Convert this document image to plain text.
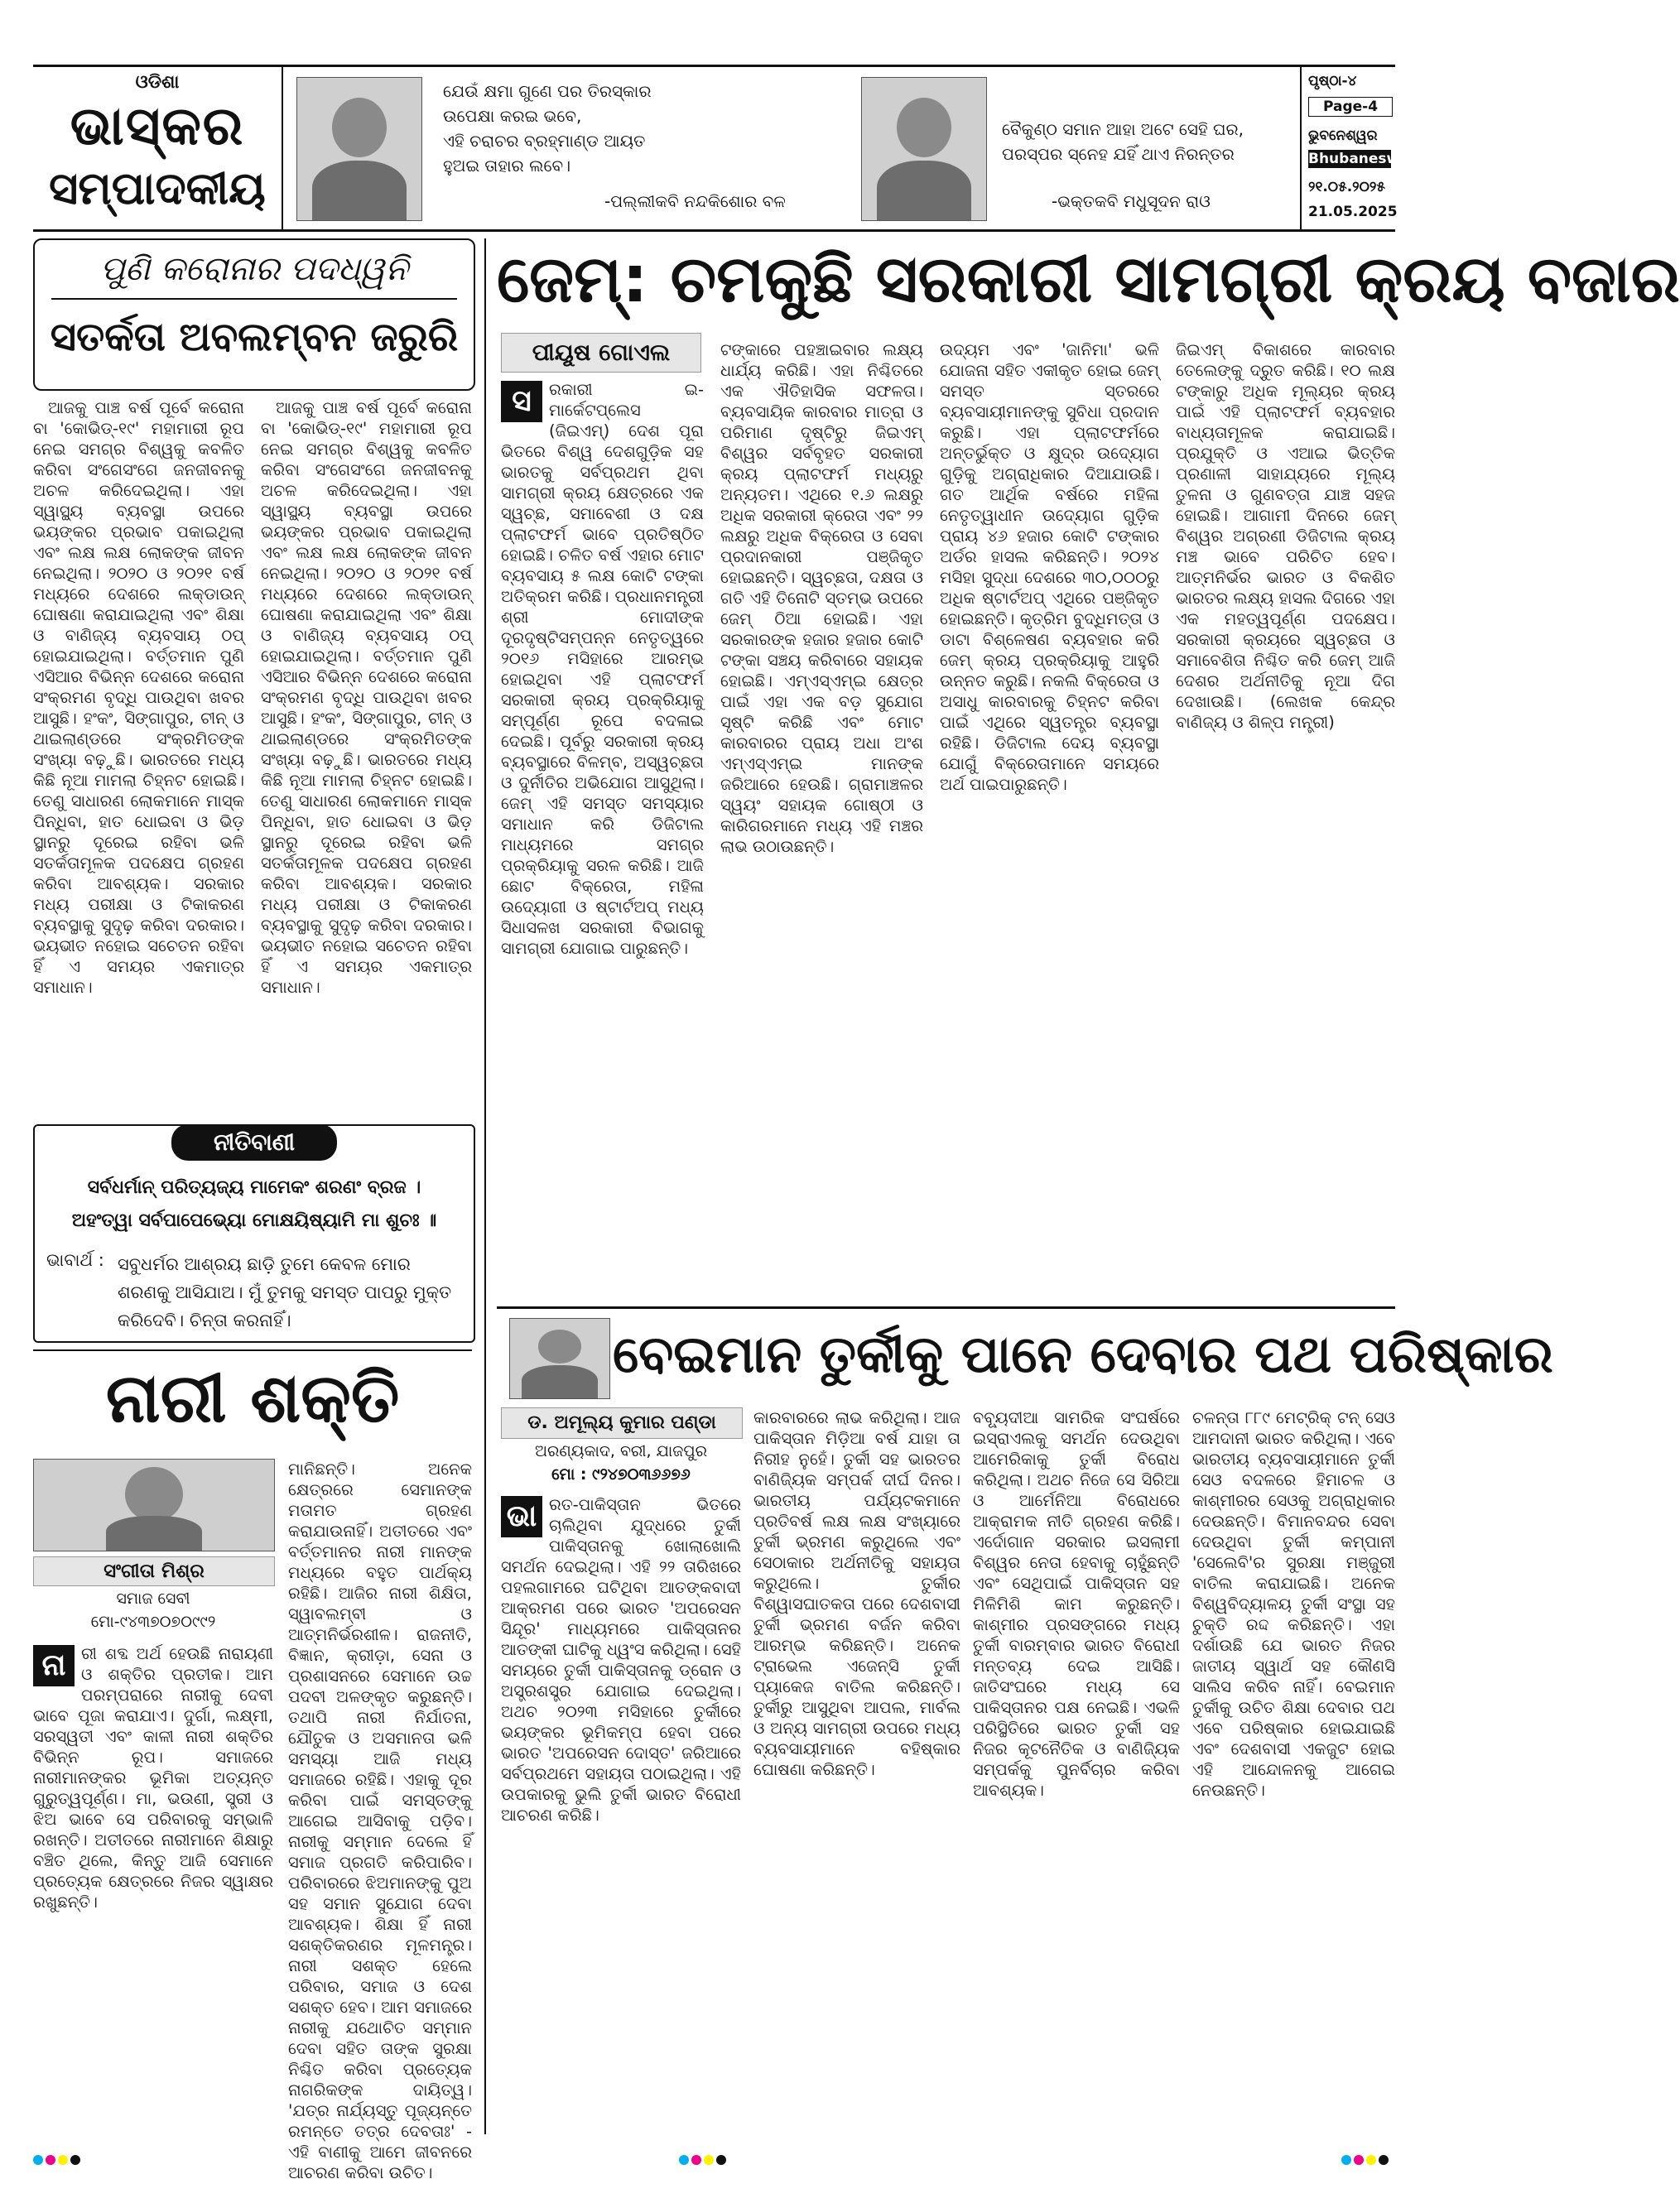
ଓଡିଶା
ଭାସ୍କର
ସମ୍ପାଦକୀୟ
ଯେଉଁ କ୍ଷମା ଗୁଣେ ପର ତିରସ୍କାର
ଉପେକ୍ଷା କରଇ ଭବେ,
ଏହି ଚରାଚର ବ୍ରହ୍ମାଣ୍ଡ ଆୟତ
ହୁଅଇ ତାହାର ଲବେ।
-ପଲ୍ଲୀକବି ନନ୍ଦକିଶୋର ବଳ
ବୈକୁଣ୍ଠ ସମାନ ଆହା ଅଟେ ସେହି ଘର,
ପରସ୍ପର ସ୍ନେହ ଯହିଁ ଥାଏ ନିରନ୍ତର
-ଭକ୍ତକବି ମଧୁସୂଦନ ରାଓ
ପୃଷ୍ଠା-୪
Page-4
ଭୁବନେଶ୍ୱର
Bhubaneswar
୨୧.୦୫.୨୦୨୫
21.05.2025
ପୁଣି କରୋନାର ପଦଧ୍ୱନି
ସତର୍କତା ଅବଲମ୍ବନ ଜରୁରି

ଆଜକୁ ପାଞ୍ଚ ବର୍ଷ ପୂର୍ବେ କରୋନା ବା 'କୋଭିଡ୍‌-୧୯' ମହାମାରୀ ରୂପ ନେଇ ସମଗ୍ର ବିଶ୍ୱକୁ କବଳିତ କରିବା ସଂଗେସଂଗେ ଜନଜୀବନକୁ ଅଚଳ କରିଦେଇଥିଲା। ଏହା ସ୍ୱାସ୍ଥ୍ୟ ବ୍ୟବସ୍ଥା ଉପରେ ଭୟଙ୍କର ପ୍ରଭାବ ପକାଇଥିଲା ଏବଂ ଲକ୍ଷ ଲକ୍ଷ ଲୋକଙ୍କ ଜୀବନ ନେଇଥିଲା। ୨୦୨୦ ଓ ୨୦୨୧ ବର୍ଷ ମଧ୍ୟରେ ଦେଶରେ ଲକ୍‌ଡାଉନ୍‌ ଘୋଷଣା କରାଯାଇଥିଲା ଏବଂ ଶିକ୍ଷା ଓ ବାଣିଜ୍ୟ ବ୍ୟବସାୟ ଠପ୍‌ ହୋଇଯାଇଥିଲା। ବର୍ତ୍ତମାନ ପୁଣି ଏସିଆର ବିଭିନ୍ନ ଦେଶରେ କରୋନା ସଂକ୍ରମଣ ବୃଦ୍ଧି ପାଉଥିବା ଖବର ଆସୁଛି। ହଂକଂ, ସିଙ୍ଗାପୁର, ଚୀନ୍‌ ଓ ଥାଇଲାଣ୍ଡରେ ସଂକ୍ରମିତଙ୍କ ସଂଖ୍ୟା ବଢ଼ୁଛି। ଭାରତରେ ମଧ୍ୟ କିଛି ନୂଆ ମାମଲା ଚିହ୍ନଟ ହୋଇଛି। ତେଣୁ ସାଧାରଣ ଲୋକମାନେ ମାସ୍କ ପିନ୍ଧିବା, ହାତ ଧୋଇବା ଓ ଭିଡ଼ ସ୍ଥାନରୁ ଦୂରେଇ ରହିବା ଭଳି ସତର୍କତାମୂଳକ ପଦକ୍ଷେପ ଗ୍ରହଣ କରିବା ଆବଶ୍ୟକ। ସରକାର ମଧ୍ୟ ପରୀକ୍ଷା ଓ ଟିକାକରଣ ବ୍ୟବସ୍ଥାକୁ ସୁଦୃଢ଼ କରିବା ଦରକାର। ଭୟଭୀତ ନହୋଇ ସଚେତନ ରହିବା ହିଁ ଏ ସମୟର ଏକମାତ୍ର ସମାଧାନ।

ଆଜକୁ ପାଞ୍ଚ ବର୍ଷ ପୂର୍ବେ କରୋନା ବା 'କୋଭିଡ୍‌-୧୯' ମହାମାରୀ ରୂପ ନେଇ ସମଗ୍ର ବିଶ୍ୱକୁ କବଳିତ କରିବା ସଂଗେସଂଗେ ଜନଜୀବନକୁ ଅଚଳ କରିଦେଇଥିଲା। ଏହା ସ୍ୱାସ୍ଥ୍ୟ ବ୍ୟବସ୍ଥା ଉପରେ ଭୟଙ୍କର ପ୍ରଭାବ ପକାଇଥିଲା ଏବଂ ଲକ୍ଷ ଲକ୍ଷ ଲୋକଙ୍କ ଜୀବନ ନେଇଥିଲା। ୨୦୨୦ ଓ ୨୦୨୧ ବର୍ଷ ମଧ୍ୟରେ ଦେଶରେ ଲକ୍‌ଡାଉନ୍‌ ଘୋଷଣା କରାଯାଇଥିଲା ଏବଂ ଶିକ୍ଷା ଓ ବାଣିଜ୍ୟ ବ୍ୟବସାୟ ଠପ୍‌ ହୋଇଯାଇଥିଲା। ବର୍ତ୍ତମାନ ପୁଣି ଏସିଆର ବିଭିନ୍ନ ଦେଶରେ କରୋନା ସଂକ୍ରମଣ ବୃଦ୍ଧି ପାଉଥିବା ଖବର ଆସୁଛି। ହଂକଂ, ସିଙ୍ଗାପୁର, ଚୀନ୍‌ ଓ ଥାଇଲାଣ୍ଡରେ ସଂକ୍ରମିତଙ୍କ ସଂଖ୍ୟା ବଢ଼ୁଛି। ଭାରତରେ ମଧ୍ୟ କିଛି ନୂଆ ମାମଲା ଚିହ୍ନଟ ହୋଇଛି। ତେଣୁ ସାଧାରଣ ଲୋକମାନେ ମାସ୍କ ପିନ୍ଧିବା, ହାତ ଧୋଇବା ଓ ଭିଡ଼ ସ୍ଥାନରୁ ଦୂରେଇ ରହିବା ଭଳି ସତର୍କତାମୂଳକ ପଦକ୍ଷେପ ଗ୍ରହଣ କରିବା ଆବଶ୍ୟକ। ସରକାର ମଧ୍ୟ ପରୀକ୍ଷା ଓ ଟିକାକରଣ ବ୍ୟବସ୍ଥାକୁ ସୁଦୃଢ଼ କରିବା ଦରକାର। ଭୟଭୀତ ନହୋଇ ସଚେତନ ରହିବା ହିଁ ଏ ସମୟର ଏକମାତ୍ର ସମାଧାନ।

ନୀତିବାଣୀ
ସର୍ବଧର୍ମାନ୍‌ ପରିତ୍ୟଜ୍ୟ ମାମେକଂ ଶରଣଂ ବ୍ରଜ ।
ଅହଂତ୍ୱା ସର୍ବପାପେଭ୍ୟୋ ମୋକ୍ଷୟିଷ୍ୟାମି ମା ଶୁଚଃ ॥
ଭାବାର୍ଥ : ସବୁଧର୍ମର ଆଶ୍ରୟ ଛାଡ଼ି ତୁମେ କେବଳ ମୋର ଶରଣକୁ ଆସିଯାଅ। ମୁଁ ତୁମକୁ ସମସ୍ତ ପାପରୁ ମୁକ୍ତ କରିଦେବି। ଚିନ୍ତା କରନାହିଁ।
ନାରୀ ଶକ୍ତି
ସଂଗୀତା ମିଶ୍ର
ସମାଜ ସେବୀ
ମୋ-୯୪୩୭୦୭୦୯୯୨
ନା ରୀ ଶବ୍ଦ ଅର୍ଥ ହେଉଛି ନାରାୟଣୀ ଓ ଶକ୍ତିର ପ୍ରତୀକ। ଆମ ପରମ୍ପରାରେ ନାରୀକୁ ଦେବୀ ଭାବେ ପୂଜା କରାଯାଏ। ଦୁର୍ଗା, ଲକ୍ଷ୍ମୀ, ସରସ୍ୱତୀ ଏବଂ କାଳୀ ନାରୀ ଶକ୍ତିର ବିଭିନ୍ନ ରୂପ। ସମାଜରେ ନାରୀମାନଙ୍କର ଭୂମିକା ଅତ୍ୟନ୍ତ ଗୁରୁତ୍ୱପୂର୍ଣ୍ଣ। ମା, ଭଉଣୀ, ସ୍ତ୍ରୀ ଓ ଝିଅ ଭାବେ ସେ ପରିବାରକୁ ସମ୍ଭାଳି ରଖନ୍ତି। ଅତୀତରେ ନାରୀମାନେ ଶିକ୍ଷାରୁ ବଞ୍ଚିତ ଥିଲେ, କିନ୍ତୁ ଆଜି ସେମାନେ ପ୍ରତ୍ୟେକ କ୍ଷେତ୍ରରେ ନିଜର ସ୍ୱାକ୍ଷର ରଖୁଛନ୍ତି।
ମାନିଛନ୍ତି। ଅନେକ କ୍ଷେତ୍ରରେ ସେମାନଙ୍କ ମତାମତ ଗ୍ରହଣ କରାଯାଉନାହିଁ। ଅତୀତରେ ଏବଂ ବର୍ତ୍ତମାନର ନାରୀ ମାନଙ୍କ ମଧ୍ୟରେ ବହୁତ ପାର୍ଥକ୍ୟ ରହିଛି। ଆଜିର ନାରୀ ଶିକ୍ଷିତା, ସ୍ୱାବଲମ୍ବୀ ଓ ଆତ୍ମନିର୍ଭରଶୀଳ। ରାଜନୀତି, ବିଜ୍ଞାନ, କ୍ରୀଡ଼ା, ସେନା ଓ ପ୍ରଶାସନରେ ସେମାନେ ଉଚ୍ଚ ପଦବୀ ଅଳଙ୍କୃତ କରୁଛନ୍ତି। ତଥାପି ନାରୀ ନିର୍ଯାତନା, ଯୌତୁକ ଓ ଅସମାନତା ଭଳି ସମସ୍ୟା ଆଜି ମଧ୍ୟ ସମାଜରେ ରହିଛି। ଏହାକୁ ଦୂର କରିବା ପାଇଁ ସମସ୍ତଙ୍କୁ ଆଗେଇ ଆସିବାକୁ ପଡ଼ିବ। ନାରୀକୁ ସମ୍ମାନ ଦେଲେ ହିଁ ସମାଜ ପ୍ରଗତି କରିପାରିବ। ପରିବାରରେ ଝିଅମାନଙ୍କୁ ପୁଅ ସହ ସମାନ ସୁଯୋଗ ଦେବା ଆବଶ୍ୟକ। ଶିକ୍ଷା ହିଁ ନାରୀ ସଶକ୍ତିକରଣର ମୂଳମନ୍ତ୍ର। ନାରୀ ସଶକ୍ତ ହେଲେ ପରିବାର, ସମାଜ ଓ ଦେଶ ସଶକ୍ତ ହେବ। ଆମ ସମାଜରେ ନାରୀକୁ ଯଥୋଚିତ ସମ୍ମାନ ଦେବା ସହିତ ତାଙ୍କ ସୁରକ୍ଷା ନିଶ୍ଚିତ କରିବା ପ୍ରତ୍ୟେକ ନାଗରିକଙ୍କ ଦାୟିତ୍ୱ। 'ଯତ୍ର ନାର୍ଯ୍ୟସ୍ତୁ ପୂଜ୍ୟନ୍ତେ ରମନ୍ତେ ତତ୍ର ଦେବତାଃ' - ଏହି ବାଣୀକୁ ଆମେ ଜୀବନରେ ଆଚରଣ କରିବା ଉଚିତ।
ଜେମ୍‌: ଚମକୁଛି ସରକାରୀ ସାମଗ୍ରୀ କ୍ରୟ ବଜାର
ପୀୟୂଷ ଗୋଏଲ
ସ	ରକାରୀ ଇ-ମାର୍କେଟପ୍ଲେସ (ଜିଇଏମ୍‌) ଦେଶ ପୂରା ଭିତରେ ବିଶ୍ୱ ଦେଶଗୁଡ଼ିକ ସହ ଭାରତକୁ ସର୍ବପ୍ରଥମ ଥିବା ସାମଗ୍ରୀ କ୍ରୟ କ୍ଷେତ୍ରରେ ଏକ ସ୍ୱଚ୍ଛ, ସମାବେଶୀ ଓ ଦକ୍ଷ ପ୍ଲାଟଫର୍ମ ଭାବେ ପ୍ରତିଷ୍ଠିତ ହୋଇଛି। ଚଳିତ ବର୍ଷ ଏହାର ମୋଟ ବ୍ୟବସାୟ ୫ ଲକ୍ଷ କୋଟି ଟଙ୍କା ଅତିକ୍ରମ କରିଛି। ପ୍ରଧାନମନ୍ତ୍ରୀ ଶ୍ରୀ ମୋଦୀଙ୍କ ଦୂରଦୃଷ୍ଟିସମ୍ପନ୍ନ ନେତୃତ୍ୱରେ ୨୦୧୬ ମସିହାରେ ଆରମ୍ଭ ହୋଇଥିବା ଏହି ପ୍ଲାଟଫର୍ମ ସରକାରୀ କ୍ରୟ ପ୍ରକ୍ରିୟାକୁ ସମ୍ପୂର୍ଣ୍ଣ ରୂପେ ବଦଳାଇ ଦେଇଛି। ପୂର୍ବରୁ ସରକାରୀ କ୍ରୟ ବ୍ୟବସ୍ଥାରେ ବିଳମ୍ବ, ଅସ୍ୱଚ୍ଛତା ଓ ଦୁର୍ନୀତିର ଅଭିଯୋଗ ଆସୁଥିଲା। ଜେମ୍‌ ଏହି ସମସ୍ତ ସମସ୍ୟାର ସମାଧାନ କରି ଡିଜିଟାଲ ମାଧ୍ୟମରେ ସମଗ୍ର ପ୍ରକ୍ରିୟାକୁ ସରଳ କରିଛି। ଆଜି ଛୋଟ ବିକ୍ରେତା, ମହିଳା ଉଦ୍ୟୋଗୀ ଓ ଷ୍ଟାର୍ଟଅପ୍‌ ମଧ୍ୟ ସିଧାସଳଖ ସରକାରୀ ବିଭାଗକୁ ସାମଗ୍ରୀ ଯୋଗାଇ ପାରୁଛନ୍ତି।
ଟଙ୍କାରେ ପହଞ୍ଚାଇବାର ଲକ୍ଷ୍ୟ ଧାର୍ଯ୍ୟ କରିଛି। ଏହା ନିଶ୍ଚିତରେ ଏକ ଐତିହାସିକ ସଫଳତା। ବ୍ୟବସାୟିକ କାରବାର ମାତ୍ରା ଓ ପରିମାଣ ଦୃଷ୍ଟିରୁ ଜିଇଏମ୍‌ ବିଶ୍ୱର ସର୍ବବୃହତ ସରକାରୀ କ୍ରୟ ପ୍ଲାଟଫର୍ମ ମଧ୍ୟରୁ ଅନ୍ୟତମ। ଏଥିରେ ୧.୬ ଲକ୍ଷରୁ ଅଧିକ ସରକାରୀ କ୍ରେତା ଏବଂ ୨୨ ଲକ୍ଷରୁ ଅଧିକ ବିକ୍ରେତା ଓ ସେବା ପ୍ରଦାନକାରୀ ପଞ୍ଜିକୃତ ହୋଇଛନ୍ତି। ସ୍ୱଚ୍ଛତା, ଦକ୍ଷତା ଓ ଗତି ଏହି ତିନୋଟି ସ୍ତମ୍ଭ ଉପରେ ଜେମ୍‌ ଠିଆ ହୋଇଛି। ଏହା ସରକାରଙ୍କ ହଜାର ହଜାର କୋଟି ଟଙ୍କା ସଞ୍ଚୟ କରିବାରେ ସହାୟକ ହୋଇଛି। ଏମ୍‌ଏସ୍‌ଏମ୍‌ଇ କ୍ଷେତ୍ର ପାଇଁ ଏହା ଏକ ବଡ଼ ସୁଯୋଗ ସୃଷ୍ଟି କରିଛି ଏବଂ ମୋଟ କାରବାରର ପ୍ରାୟ ଅଧା ଅଂଶ ଏମ୍‌ଏସ୍‌ଏମ୍‌ଇ ମାନଙ୍କ ଜରିଆରେ ହେଉଛି। ଗ୍ରାମାଞ୍ଚଳର ସ୍ୱୟଂ ସହାୟକ ଗୋଷ୍ଠୀ ଓ କାରିଗରମାନେ ମଧ୍ୟ ଏହି ମଞ୍ଚର ଲାଭ ଉଠାଉଛନ୍ତି।
ଉଦ୍ୟମ ଏବଂ 'ଜାନିମା' ଭଳି ଯୋଜନା ସହିତ ଏକୀକୃତ ହୋଇ ଜେମ୍‌ ସମସ୍ତ ସ୍ତରରେ ବ୍ୟବସାୟୀମାନଙ୍କୁ ସୁବିଧା ପ୍ରଦାନ କରୁଛି। ଏହା ପ୍ଲାଟଫର୍ମରେ ଅନ୍ତର୍ଭୁକ୍ତ ଓ କ୍ଷୁଦ୍ର ଉଦ୍ୟୋଗ ଗୁଡ଼ିକୁ ଅଗ୍ରାଧିକାର ଦିଆଯାଉଛି। ଗତ ଆର୍ଥିକ ବର୍ଷରେ ମହିଳା ନେତୃତ୍ୱାଧୀନ ଉଦ୍ୟୋଗ ଗୁଡ଼ିକ ପ୍ରାୟ ୪୬ ହଜାର କୋଟି ଟଙ୍କାର ଅର୍ଡର ହାସଲ କରିଛନ୍ତି। ୨୦୨୪ ମସିହା ସୁଦ୍ଧା ଦେଶରେ ୩୦,୦୦୦ରୁ ଅଧିକ ଷ୍ଟାର୍ଟଅପ୍‌ ଏଥିରେ ପଞ୍ଜିକୃତ ହୋଇଛନ୍ତି। କୃତ୍ରିମ ବୁଦ୍ଧିମତ୍ତା ଓ ଡାଟା ବିଶ୍ଳେଷଣ ବ୍ୟବହାର କରି ଜେମ୍‌ କ୍ରୟ ପ୍ରକ୍ରିୟାକୁ ଆହୁରି ଉନ୍ନତ କରୁଛି। ନକଲି ବିକ୍ରେତା ଓ ଅସାଧୁ କାରବାରକୁ ଚିହ୍ନଟ କରିବା ପାଇଁ ଏଥିରେ ସ୍ୱତନ୍ତ୍ର ବ୍ୟବସ୍ଥା ରହିଛି। ଡିଜିଟାଲ ଦେୟ ବ୍ୟବସ୍ଥା ଯୋଗୁଁ ବିକ୍ରେତାମାନେ ସମୟରେ ଅର୍ଥ ପାଇପାରୁଛନ୍ତି।
ଜିଇଏମ୍‌ ବିକାଶରେ କାରବାର ତେଲେଙ୍କୁ ଦ୍ରୁତ କରିଛି। ୧୦ ଲକ୍ଷ ଟଙ୍କାରୁ ଅଧିକ ମୂଲ୍ୟର କ୍ରୟ ପାଇଁ ଏହି ପ୍ଲାଟଫର୍ମ ବ୍ୟବହାର ବାଧ୍ୟତାମୂଳକ କରାଯାଇଛି। ପ୍ରଯୁକ୍ତି ଓ ଏଆଇ ଭିତ୍ତିକ ପ୍ରଣାଳୀ ସାହାଯ୍ୟରେ ମୂଲ୍ୟ ତୁଳନା ଓ ଗୁଣବତ୍ତା ଯାଞ୍ଚ ସହଜ ହୋଇଛି। ଆଗାମୀ ଦିନରେ ଜେମ୍‌ ବିଶ୍ୱର ଅଗ୍ରଣୀ ଡିଜିଟାଲ କ୍ରୟ ମଞ୍ଚ ଭାବେ ପରିଚିତ ହେବ। ଆତ୍ମନିର୍ଭର ଭାରତ ଓ ବିକଶିତ ଭାରତର ଲକ୍ଷ୍ୟ ହାସଲ ଦିଗରେ ଏହା ଏକ ମହତ୍ୱପୂର୍ଣ୍ଣ ପଦକ୍ଷେପ। ସରକାରୀ କ୍ରୟରେ ସ୍ୱଚ୍ଛତା ଓ ସମାବେଶିତା ନିଶ୍ଚିତ କରି ଜେମ୍‌ ଆଜି ଦେଶର ଅର୍ଥନୀତିକୁ ନୂଆ ଦିଗ ଦେଖାଉଛି। (ଲେଖକ କେନ୍ଦ୍ର ବାଣିଜ୍ୟ ଓ ଶିଳ୍ପ ମନ୍ତ୍ରୀ)
ବେଇମାନ ତୁର୍କୀକୁ ପାନେ ଦେବାର ପଥ ପରିଷ୍କାର
ଡ. ଅମୂଲ୍ୟ କୁମାର ପଣ୍ଡା
ଅରଣ୍ୟକାଦ, ବରୀ, ଯାଜପୁର
ମୋ : ୯୨୪୭୦୩୬୬୭୬
ଭା ରତ-ପାକିସ୍ତାନ ଭିତରେ ଚାଲିଥିବା ଯୁଦ୍ଧରେ ତୁର୍କୀ ପାକିସ୍ତାନକୁ ଖୋଲାଖୋଲି ସମର୍ଥନ ଦେଇଥିଲା। ଏହି ୨୨ ତାରିଖରେ ପହଲଗାମରେ ଘଟିଥିବା ଆତଙ୍କବାଦୀ ଆକ୍ରମଣ ପରେ ଭାରତ 'ଅପରେସନ ସିନ୍ଦୂର' ମାଧ୍ୟମରେ ପାକିସ୍ତାନର ଆତଙ୍କୀ ଘାଟିକୁ ଧ୍ୱଂସ କରିଥିଲା। ସେହି ସମୟରେ ତୁର୍କୀ ପାକିସ୍ତାନକୁ ଡ୍ରୋନ ଓ ଅସ୍ତ୍ରଶସ୍ତ୍ର ଯୋଗାଇ ଦେଇଥିଲା। ଅଥଚ ୨୦୨୩ ମସିହାରେ ତୁର୍କୀରେ ଭୟଙ୍କର ଭୂମିକମ୍ପ ହେବା ପରେ ଭାରତ 'ଅପରେସନ ଦୋସ୍ତ' ଜରିଆରେ ସର୍ବପ୍ରଥମେ ସହାୟତା ପଠାଇଥିଲା। ଏହି ଉପକାରକୁ ଭୁଲି ତୁର୍କୀ ଭାରତ ବିରୋଧୀ ଆଚରଣ କରିଛି।
କାରବାରରେ ଲାଭ କରିଥିଲା। ଆଜ ପାକିସ୍ତାନ ମିଡ଼ିଆ ବର୍ଷ ଯାହା ତା ନିରୀହ ନୁହେଁ। ତୁର୍କୀ ସହ ଭାରତର ବାଣିଜ୍ୟିକ ସମ୍ପର୍କ ଦୀର୍ଘ ଦିନର। ଭାରତୀୟ ପର୍ଯ୍ୟଟକମାନେ ପ୍ରତିବର୍ଷ ଲକ୍ଷ ଲକ୍ଷ ସଂଖ୍ୟାରେ ତୁର୍କୀ ଭ୍ରମଣ କରୁଥିଲେ ଏବଂ ସେଠାକାର ଅର୍ଥନୀତିକୁ ସହାୟତା କରୁଥିଲେ। ତୁର୍କୀର ବିଶ୍ୱାସଘାତକତା ପରେ ଦେଶବାସୀ ତୁର୍କୀ ଭ୍ରମଣ ବର୍ଜନ କରିବା ଆରମ୍ଭ କରିଛନ୍ତି। ଅନେକ ଟ୍ରାଭେଲ ଏଜେନ୍ସି ତୁର୍କୀ ପ୍ୟାକେଜ ବାତିଲ କରିଛନ୍ତି। ତୁର୍କୀରୁ ଆସୁଥିବା ଆପଲ, ମାର୍ବଲ ଓ ଅନ୍ୟ ସାମଗ୍ରୀ ଉପରେ ମଧ୍ୟ ବ୍ୟବସାୟୀମାନେ ବହିଷ୍କାର ଘୋଷଣା କରିଛନ୍ତି।
ବବ୍ୟୂଦୀଆ ସାମରିକ ସଂଘର୍ଷରେ ଇସ୍ରାଏଲକୁ ସମର୍ଥନ ଦେଉଥିବା ଆମେରିକାକୁ ତୁର୍କୀ ବିରୋଧ କରିଥିଲା। ଅଥଚ ନିଜେ ସେ ସିରିଆ ଓ ଆର୍ମେନିଆ ବିରୋଧରେ ଆକ୍ରାମକ ନୀତି ଗ୍ରହଣ କରିଛି। ଏର୍ଦୋଗାନ ସରକାର ଇସଲାମୀ ବିଶ୍ୱର ନେତା ହେବାକୁ ଚାହୁଁଛନ୍ତି ଏବଂ ସେଥିପାଇଁ ପାକିସ୍ତାନ ସହ ମିଳିମିଶି କାମ କରୁଛନ୍ତି। କାଶ୍ମୀର ପ୍ରସଙ୍ଗରେ ମଧ୍ୟ ତୁର୍କୀ ବାରମ୍ବାର ଭାରତ ବିରୋଧୀ ମନ୍ତବ୍ୟ ଦେଇ ଆସିଛି। ଜାତିସଂଘରେ ମଧ୍ୟ ସେ ପାକିସ୍ତାନର ପକ୍ଷ ନେଇଛି। ଏଭଳି ପରିସ୍ଥିତିରେ ଭାରତ ତୁର୍କୀ ସହ ନିଜର କୂଟନୈତିକ ଓ ବାଣିଜ୍ୟିକ ସମ୍ପର୍କକୁ ପୁନର୍ବିଚାର କରିବା ଆବଶ୍ୟକ।
ଚଳନ୍ତା ୮୮୯ ମେଟ୍ରିକ୍‌ ଟନ୍‌ ସେଓ ଆମଦାନୀ ଭାରତ କରିଥିଲା। ଏବେ ଭାରତୀୟ ବ୍ୟବସାୟୀମାନେ ତୁର୍କୀ ସେଓ ବଦଳରେ ହିମାଚଳ ଓ କାଶ୍ମୀରର ସେଓକୁ ଅଗ୍ରାଧିକାର ଦେଉଛନ୍ତି। ବିମାନବନ୍ଦର ସେବା ଦେଉଥିବା ତୁର୍କୀ କମ୍ପାନୀ 'ସେଲେବି'ର ସୁରକ୍ଷା ମଞ୍ଜୁରୀ ବାତିଲ କରାଯାଇଛି। ଅନେକ ବିଶ୍ୱବିଦ୍ୟାଳୟ ତୁର୍କୀ ସଂସ୍ଥା ସହ ଚୁକ୍ତି ରଦ୍ଦ କରିଛନ୍ତି। ଏହା ଦର୍ଶାଉଛି ଯେ ଭାରତ ନିଜର ଜାତୀୟ ସ୍ୱାର୍ଥ ସହ କୌଣସି ସାଲିସ କରିବ ନାହିଁ। ବେଇମାନ ତୁର୍କୀକୁ ଉଚିତ ଶିକ୍ଷା ଦେବାର ପଥ ଏବେ ପରିଷ୍କାର ହୋଇଯାଇଛି ଏବଂ ଦେଶବାସୀ ଏକଜୁଟ ହୋଇ ଏହି ଆନ୍ଦୋଳନକୁ ଆଗେଇ ନେଉଛନ୍ତି।
